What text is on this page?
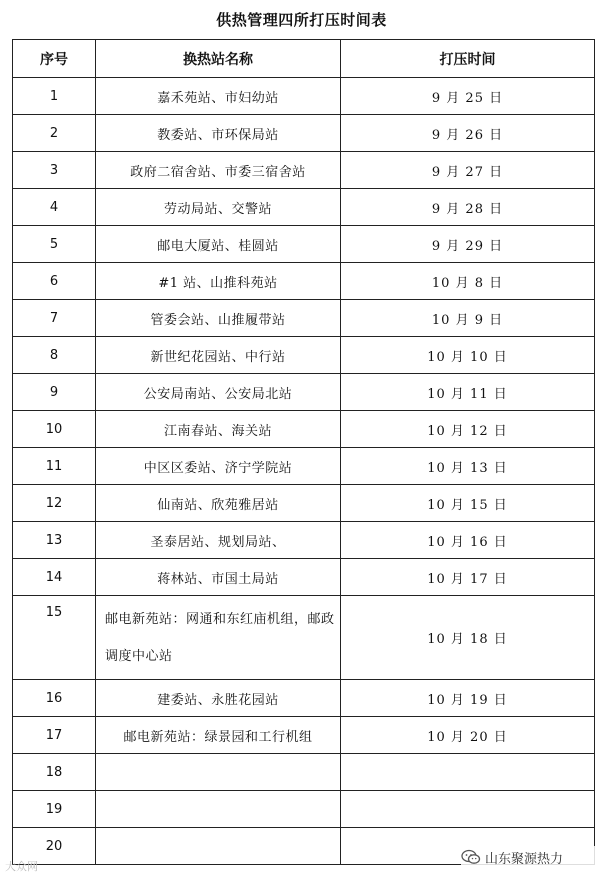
供热管理四所打压时间表
序号	换热站名称	打压时间
1	嘉禾苑站、市妇幼站	9 月 25 日
2	教委站、市环保局站	9 月 26 日
3	政府二宿舍站、市委三宿舍站	9 月 27 日
4	劳动局站、交警站	9 月 28 日
5	邮电大厦站、桂圆站	9 月 29 日
6	#1 站、山推科苑站	10 月 8 日
7	管委会站、山推履带站	10 月 9 日
8	新世纪花园站、中行站	10 月 10 日
9	公安局南站、公安局北站	10 月 11 日
10	江南春站、海关站	10 月 12 日
11	中区区委站、济宁学院站	10 月 13 日
12	仙南站、欣苑雅居站	10 月 15 日
13	圣泰居站、规划局站、	10 月 16 日
14	蒋林站、市国土局站	10 月 17 日
15	邮电新苑站：网通和东红庙机组，邮政调度中心站	10 月 18 日
16	建委站、永胜花园站	10 月 19 日
17	邮电新苑站：绿景园和工行机组	10 月 20 日
18		
19		
20		
大众网	山东聚源热力
